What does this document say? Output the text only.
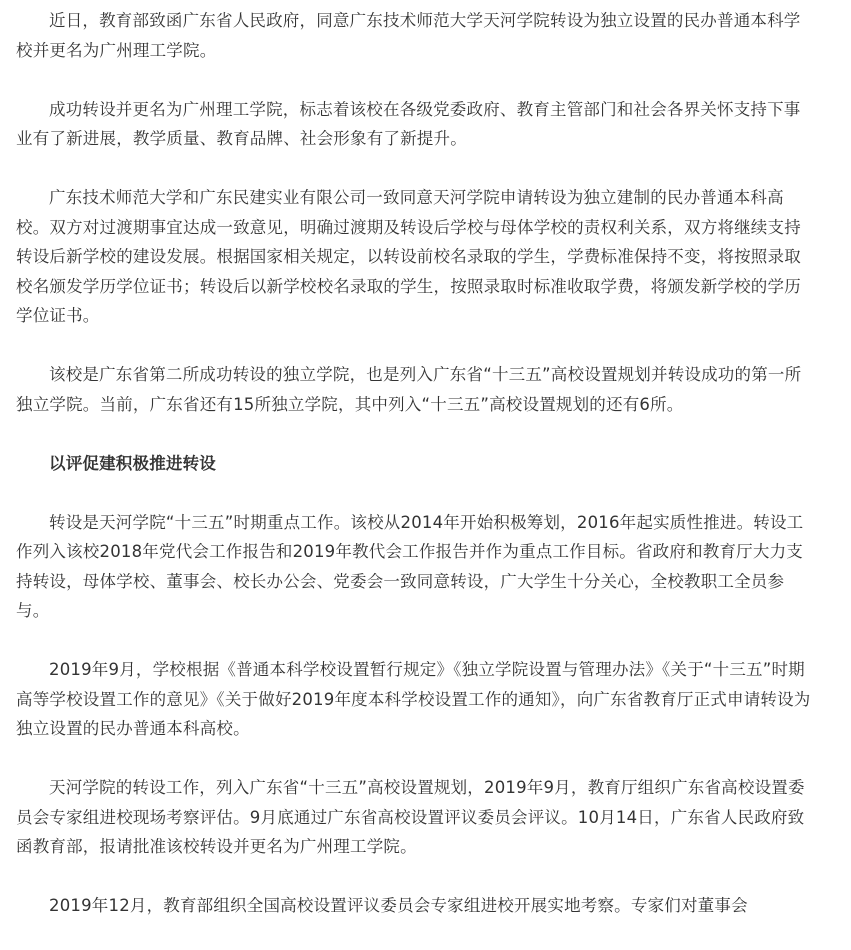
近日，教育部致函广东省人民政府，同意广东技术师范大学天河学院转设为独立设置的民办普通本科学校并更名为广州理工学院。

成功转设并更名为广州理工学院，标志着该校在各级党委政府、教育主管部门和社会各界关怀支持下事业有了新进展，教学质量、教育品牌、社会形象有了新提升。

广东技术师范大学和广东民建实业有限公司一致同意天河学院申请转设为独立建制的民办普通本科高校。双方对过渡期事宜达成一致意见，明确过渡期及转设后学校与母体学校的责权利关系，双方将继续支持转设后新学校的建设发展。根据国家相关规定，以转设前校名录取的学生，学费标准保持不变，将按照录取校名颁发学历学位证书；转设后以新学校校名录取的学生，按照录取时标准收取学费，将颁发新学校的学历学位证书。

该校是广东省第二所成功转设的独立学院，也是列入广东省“十三五”高校设置规划并转设成功的第一所独立学院。当前，广东省还有15所独立学院，其中列入“十三五”高校设置规划的还有6所。

以评促建积极推进转设

转设是天河学院“十三五”时期重点工作。该校从2014年开始积极筹划，2016年起实质性推进。转设工作列入该校2018年党代会工作报告和2019年教代会工作报告并作为重点工作目标。省政府和教育厅大力支持转设，母体学校、董事会、校长办公会、党委会一致同意转设，广大学生十分关心，全校教职工全员参与。

2019年9月，学校根据《普通本科学校设置暂行规定》《独立学院设置与管理办法》《关于“十三五”时期高等学校设置工作的意见》《关于做好2019年度本科学校设置工作的通知》，向广东省教育厅正式申请转设为独立设置的民办普通本科高校。

天河学院的转设工作，列入广东省“十三五”高校设置规划，2019年9月，教育厅组织广东省高校设置委员会专家组进校现场考察评估。9月底通过广东省高校设置评议委员会评议。10月14日，广东省人民政府致函教育部，报请批准该校转设并更名为广州理工学院。

2019年12月，教育部组织全国高校设置评议委员会专家组进校开展实地考察。专家们对董事会
